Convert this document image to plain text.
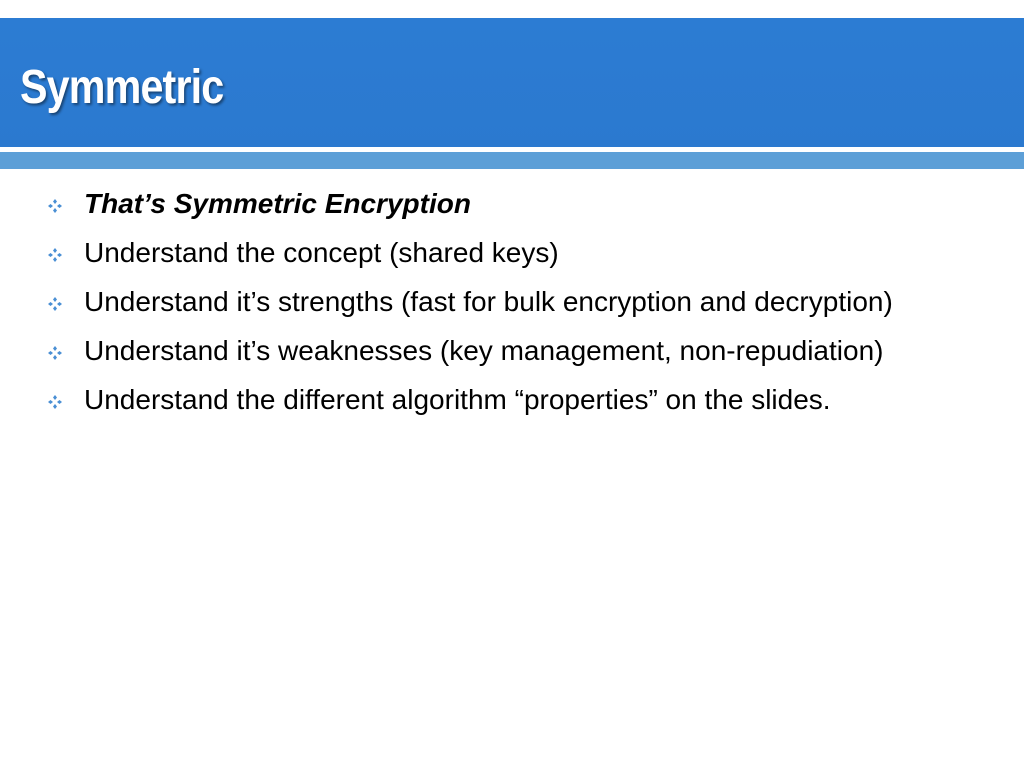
Symmetric
That’s Symmetric Encryption
Understand the concept (shared keys)
Understand it’s strengths (fast for bulk encryption and decryption)
Understand it’s weaknesses (key management, non-repudiation)
Understand the different algorithm “properties” on the slides.
